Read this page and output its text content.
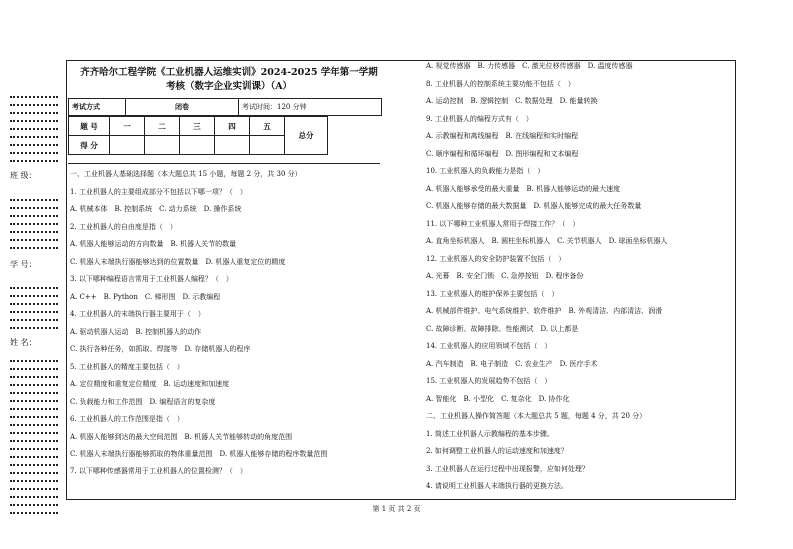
班 级：
学 号：
姓 名：
齐齐哈尔工程学院《工业机器人运维实训》2024-2025 学年第一学期
考核（数字企业实训课）（A）
考试方式	闭卷	考试时间：120 分钟
题 号	一	二	三	四	五	总分
得 分						
一、工业机器人基础选择题（本大题总共 15 小题，每题 2 分，共 30 分）
1. 工业机器人的主要组成部分不包括以下哪一项？（　）
A. 机械本体　B. 控制系统　C. 动力系统　D. 操作系统
2. 工业机器人的自由度是指（　）
A. 机器人能够运动的方向数量　B. 机器人关节的数量
C. 机器人末端执行器能够达到的位置数量　D. 机器人重复定位的精度
3. 以下哪种编程语言常用于工业机器人编程？（　）
A. C++　B. Python　C. 梯形图　D. 示教编程
4. 工业机器人的末端执行器主要用于（　）
A. 驱动机器人运动　B. 控制机器人的动作
C. 执行各种任务，如抓取、焊接等　D. 存储机器人的程序
5. 工业机器人的精度主要包括（　）
A. 定位精度和重复定位精度　B. 运动速度和加速度
C. 负载能力和工作范围　D. 编程语言的复杂度
6. 工业机器人的工作范围是指（　）
A. 机器人能够到达的最大空间范围　B. 机器人关节能够转动的角度范围
C. 机器人末端执行器能够抓取的物体重量范围　D. 机器人能够存储的程序数量范围
7. 以下哪种传感器常用于工业机器人的位置检测？（　）
A. 视觉传感器　B. 力传感器　C. 激光位移传感器　D. 温度传感器
8. 工业机器人的控制系统主要功能不包括（　）
A. 运动控制　B. 逻辑控制　C. 数据处理　D. 能量转换
9. 工业机器人的编程方式有（　）
A. 示教编程和离线编程　B. 在线编程和实时编程
C. 顺序编程和循环编程　D. 图形编程和文本编程
10. 工业机器人的负载能力是指（　）
A. 机器人能够承受的最大重量　B. 机器人能够运动的最大速度
C. 机器人能够存储的最大数据量　D. 机器人能够完成的最大任务数量
11. 以下哪种工业机器人常用于焊接工作？（　）
A. 直角坐标机器人　B. 圆柱坐标机器人　C. 关节机器人　D. 球面坐标机器人
12. 工业机器人的安全防护装置不包括（　）
A. 光幕　B. 安全门锁　C. 急停按钮　D. 程序备份
13. 工业机器人的维护保养主要包括（　）
A. 机械部件维护、电气系统维护、软件维护　B. 外观清洁、内部清洁、润滑
C. 故障诊断、故障排除、性能测试　D. 以上都是
14. 工业机器人的应用领域不包括（　）
A. 汽车制造　B. 电子制造　C. 农业生产　D. 医疗手术
15. 工业机器人的发展趋势不包括（　）
A. 智能化　B. 小型化　C. 复杂化　D. 协作化
二、工业机器人操作简答题（本大题总共 5 题，每题 4 分，共 20 分）
1. 简述工业机器人示教编程的基本步骤。
2. 如何调整工业机器人的运动速度和加速度？
3. 工业机器人在运行过程中出现报警，应如何处理？
4. 请说明工业机器人末端执行器的更换方法。
第 1 页 共 2 页
